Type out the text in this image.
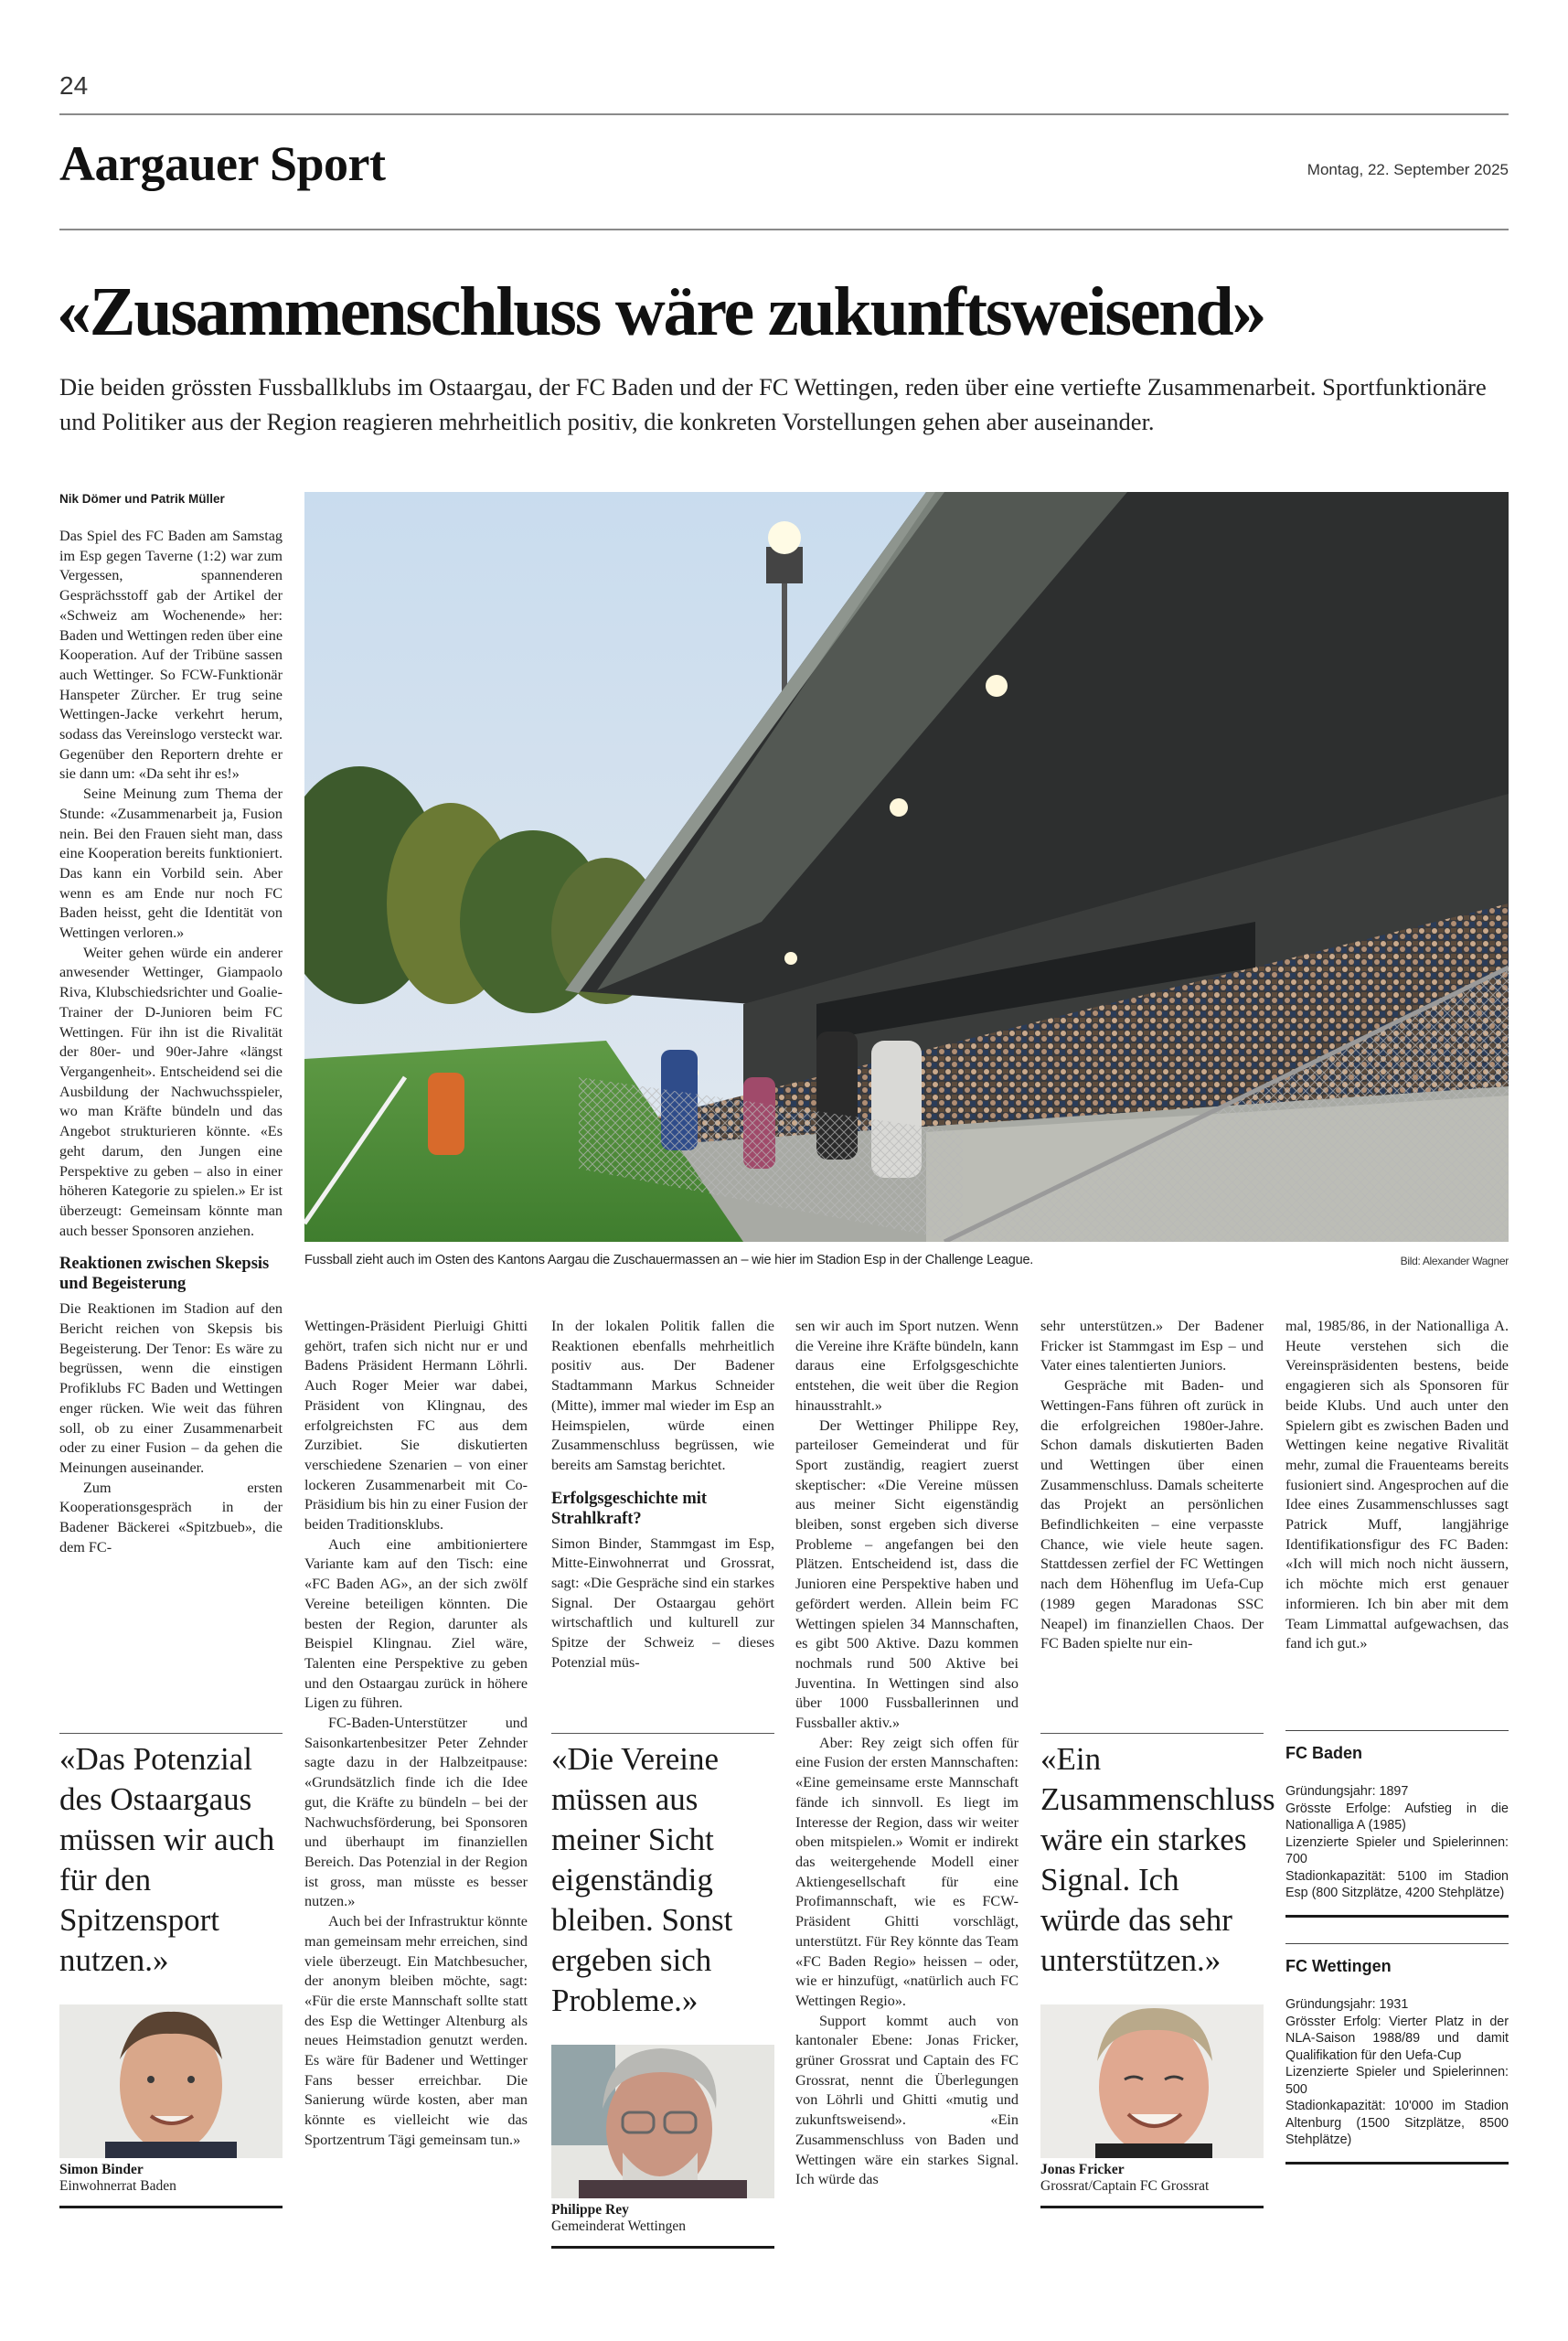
24
Aargauer Sport	Montag, 22. September 2025
«Zusammenschluss wäre zukunftsweisend»
Die beiden grössten Fussballklubs im Ostaargau, der FC Baden und der FC Wettingen, reden über eine vertiefte Zusammenarbeit. Sportfunktionäre und Politiker aus der Region reagieren mehrheitlich positiv, die konkreten Vorstellungen gehen aber auseinander.
Nik Dömer und Patrik Müller

Das Spiel des FC Baden am Samstag im Esp gegen Taverne (1:2) war zum Vergessen, spannenderen Gesprächsstoff gab der Artikel der «Schweiz am Wochenende» her: Baden und Wettingen reden über eine Kooperation. Auf der Tribüne sassen auch Wettinger. So FCW-Funktionär Hanspeter Zürcher. Er trug seine Wettingen-Jacke verkehrt herum, sodass das Vereinslogo versteckt war. Gegenüber den Reportern drehte er sie dann um: «Da seht ihr es!»

Seine Meinung zum Thema der Stunde: «Zusammenarbeit ja, Fusion nein. Bei den Frauen sieht man, dass eine Kooperation bereits funktioniert. Das kann ein Vorbild sein. Aber wenn es am Ende nur noch FC Baden heisst, geht die Identität von Wettingen verloren.»

Weiter gehen würde ein anderer anwesender Wettinger, Giampaolo Riva, Klubschiedsrichter und Goalie-Trainer der D-Junioren beim FC Wettingen. Für ihn ist die Rivalität der 80er- und 90er-Jahre «längst Vergangenheit». Entscheidend sei die Ausbildung der Nachwuchsspieler, wo man Kräfte bündeln und das Angebot strukturieren könnte. «Es geht darum, den Jungen eine Perspektive zu geben – also in einer höheren Kategorie zu spielen.» Er ist überzeugt: Gemeinsam könnte man auch besser Sponsoren anziehen.

Reaktionen zwischen Skepsis und Begeisterung

Die Reaktionen im Stadion auf den Bericht reichen von Skepsis bis Begeisterung. Der Tenor: Es wäre zu begrüssen, wenn die einstigen Profiklubs FC Baden und Wettingen enger rücken. Wie weit das führen soll, ob zu einer Zusammenarbeit oder zu einer Fusion – da gehen die Meinungen auseinander.

Zum ersten Kooperationsgespräch in der Badener Bäckerei «Spitzbueb», die dem FC-

Fussball zieht auch im Osten des Kantons Aargau die Zuschauermassen an – wie hier im Stadion Esp in der Challenge League.	Bild: Alexander Wagner

Wettingen-Präsident Pierluigi Ghitti gehört, trafen sich nicht nur er und Badens Präsident Hermann Löhrli. Auch Roger Meier war dabei, Präsident von Klingnau, des erfolgreichsten FC aus dem Zurzibiet. Sie diskutierten verschiedene Szenarien – von einer lockeren Zusammenarbeit mit Co-Präsidium bis hin zu einer Fusion der beiden Traditionsklubs.

Auch eine ambitioniertere Variante kam auf den Tisch: eine «FC Baden AG», an der sich zwölf Vereine beteiligen könnten. Die besten der Region, darunter als Beispiel Klingnau. Ziel wäre, Talenten eine Perspektive zu geben und den Ostaargau zurück in höhere Ligen zu führen.

FC-Baden-Unterstützer und Saisonkartenbesitzer Peter Zehnder sagte dazu in der Halbzeitpause: «Grundsätzlich finde ich die Idee gut, die Kräfte zu bündeln – bei der Nachwuchsförderung, bei Sponsoren und überhaupt im finanziellen Bereich. Das Potenzial in der Region ist gross, man müsste es besser nutzen.»

Auch bei der Infrastruktur könnte man gemeinsam mehr erreichen, sind viele überzeugt. Ein Matchbesucher, der anonym bleiben möchte, sagt: «Für die erste Mannschaft sollte statt des Esp die Wettinger Altenburg als neues Heimstadion genutzt werden. Es wäre für Badener und Wettinger Fans besser erreichbar. Die Sanierung würde kosten, aber man könnte es vielleicht wie das Sportzentrum Tägi gemeinsam tun.»

In der lokalen Politik fallen die Reaktionen ebenfalls mehrheitlich positiv aus. Der Badener Stadtammann Markus Schneider (Mitte), immer mal wieder im Esp an Heimspielen, würde einen Zusammenschluss begrüssen, wie bereits am Samstag berichtet.

Erfolgsgeschichte mit Strahlkraft?

Simon Binder, Stammgast im Esp, Mitte-Einwohnerrat und Grossrat, sagt: «Die Gespräche sind ein starkes Signal. Der Ostaargau gehört wirtschaftlich und kulturell zur Spitze der Schweiz – dieses Potenzial müs-

sen wir auch im Sport nutzen. Wenn die Vereine ihre Kräfte bündeln, kann daraus eine Erfolgsgeschichte entstehen, die weit über die Region hinausstrahlt.»

Der Wettinger Philippe Rey, parteiloser Gemeinderat und für Sport zuständig, reagiert zuerst skeptischer: «Die Vereine müssen aus meiner Sicht eigenständig bleiben, sonst ergeben sich diverse Probleme – angefangen bei den Plätzen. Entscheidend ist, dass die Junioren eine Perspektive haben und gefördert werden. Allein beim FC Wettingen spielen 34 Mannschaften, es gibt 500 Aktive. Dazu kommen nochmals rund 500 Aktive bei Juventina. In Wettingen sind also über 1000 Fussballerinnen und Fussballer aktiv.»

Aber: Rey zeigt sich offen für eine Fusion der ersten Mannschaften: «Eine gemeinsame erste Mannschaft fände ich sinnvoll. Es liegt im Interesse der Region, dass wir weiter oben mitspielen.» Womit er indirekt das weitergehende Modell einer Aktiengesellschaft für eine Profimannschaft, wie es FCW-Präsident Ghitti vorschlägt, unterstützt. Für Rey könnte das Team «FC Baden Regio» heissen – oder, wie er hinzufügt, «natürlich auch FC Wettingen Regio».

Support kommt auch von kantonaler Ebene: Jonas Fricker, grüner Grossrat und Captain des FC Grossrat, nennt die Überlegungen von Löhrli und Ghitti «mutig und zukunftsweisend». «Ein Zusammenschluss von Baden und Wettingen wäre ein starkes Signal. Ich würde das

sehr unterstützen.» Der Badener Fricker ist Stammgast im Esp – und Vater eines talentierten Juniors.

Gespräche mit Baden- und Wettingen-Fans führen oft zurück in die erfolgreichen 1980er-Jahre. Schon damals diskutierten Baden und Wettingen über einen Zusammenschluss. Damals scheiterte das Projekt an persönlichen Befindlichkeiten – eine verpasste Chance, wie viele heute sagen. Stattdessen zerfiel der FC Wettingen nach dem Höhenflug im Uefa-Cup (1989 gegen Maradonas SSC Neapel) im finanziellen Chaos. Der FC Baden spielte nur ein-

mal, 1985/86, in der Nationalliga A. Heute verstehen sich die Vereinspräsidenten bestens, beide engagieren sich als Sponsoren für beide Klubs. Und auch unter den Spielern gibt es zwischen Baden und Wettingen keine negative Rivalität mehr, zumal die Frauenteams bereits fusioniert sind. Angesprochen auf die Idee eines Zusammenschlusses sagt Patrick Muff, langjährige Identifikationsfigur des FC Baden: «Ich will mich noch nicht äussern, ich möchte mich erst genauer informieren. Ich bin aber mit dem Team Limmattal aufgewachsen, das fand ich gut.»

«Das Potenzial des Ostaargaus müssen wir auch für den Spitzensport nutzen.»
Simon Binder
Einwohnerrat Baden
«Die Vereine müssen aus meiner Sicht eigenständig bleiben. Sonst ergeben sich Probleme.»
Philippe Rey
Gemeinderat Wettingen
«Ein Zusammenschluss wäre ein starkes Signal. Ich würde das sehr unterstützen.»
Jonas Fricker
Grossrat/Captain FC Grossrat
FC Baden
Gründungsjahr: 1897
Grösste Erfolge: Aufstieg in die Nationalliga A (1985)
Lizenzierte Spieler und Spielerinnen: 700
Stadionkapazität: 5100 im Stadion Esp (800 Sitzplätze, 4200 Stehplätze)
FC Wettingen
Gründungsjahr: 1931
Grösster Erfolg: Vierter Platz in der NLA-Saison 1988/89 und damit Qualifikation für den Uefa-Cup
Lizenzierte Spieler und Spielerinnen: 500
Stadionkapazität: 10'000 im Stadion Altenburg (1500 Sitzplätze, 8500 Stehplätze)
